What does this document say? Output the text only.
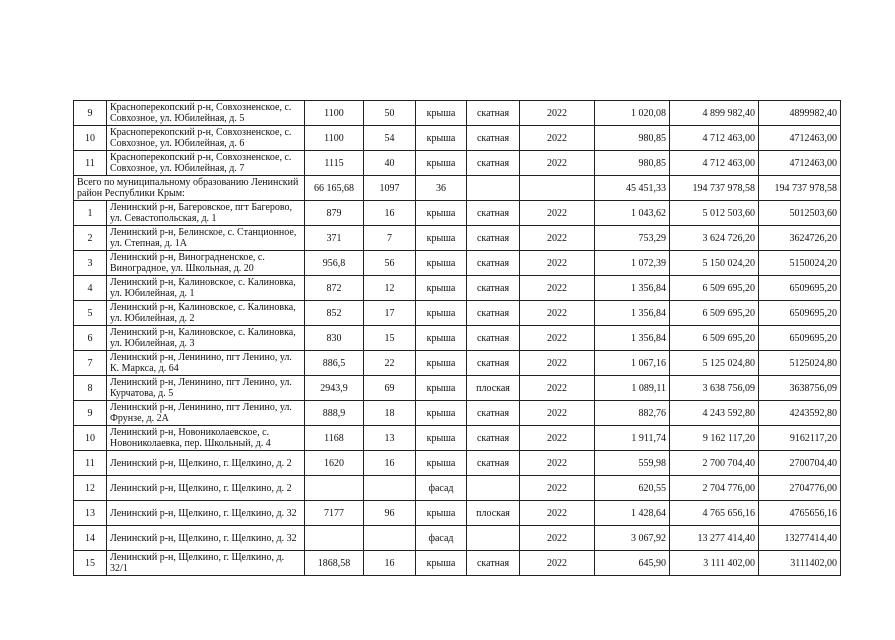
9	Красноперекопский р-н, Совхозненское, с. Совхозное, ул. Юбилейная, д. 5	1100	50	крыша	скатная	2022	1 020,08	4 899 982,40	4899982,40
10	Красноперекопский р-н, Совхозненское, с. Совхозное, ул. Юбилейная, д. 6	1100	54	крыша	скатная	2022	980,85	4 712 463,00	4712463,00
11	Красноперекопский р-н, Совхозненское, с. Совхозное, ул. Юбилейная, д. 7	1115	40	крыша	скатная	2022	980,85	4 712 463,00	4712463,00
Всего по муниципальному образованию Ленинский район Республики Крым:		66 165,68	1097	36			45 451,33	194 737 978,58	194 737 978,58
1	Ленинский р-н, Багеровское, пгт Багерово, ул. Севастопольская, д. 1	879	16	крыша	скатная	2022	1 043,62	5 012 503,60	5012503,60
2	Ленинский р-н, Белинское, с. Станционное, ул. Степная, д. 1А	371	7	крыша	скатная	2022	753,29	3 624 726,20	3624726,20
3	Ленинский р-н, Виноградненское, с. Виноградное, ул. Школьная, д. 20	956,8	56	крыша	скатная	2022	1 072,39	5 150 024,20	5150024,20
4	Ленинский р-н, Калиновское, с. Калиновка, ул. Юбилейная, д. 1	872	12	крыша	скатная	2022	1 356,84	6 509 695,20	6509695,20
5	Ленинский р-н, Калиновское, с. Калиновка, ул. Юбилейная, д. 2	852	17	крыша	скатная	2022	1 356,84	6 509 695,20	6509695,20
6	Ленинский р-н, Калиновское, с. Калиновка, ул. Юбилейная, д. 3	830	15	крыша	скатная	2022	1 356,84	6 509 695,20	6509695,20
7	Ленинский р-н, Ленинино, пгт Ленино, ул. К. Маркса, д. 64	886,5	22	крыша	скатная	2022	1 067,16	5 125 024,80	5125024,80
8	Ленинский р-н, Ленинино, пгт Ленино, ул. Курчатова, д. 5	2943,9	69	крыша	плоская	2022	1 089,11	3 638 756,09	3638756,09
9	Ленинский р-н, Ленинино, пгт Ленино, ул. Фрунзе, д. 2А	888,9	18	крыша	скатная	2022	882,76	4 243 592,80	4243592,80
10	Ленинский р-н, Новониколаевское, с. Новониколаевка, пер. Школьный, д. 4	1168	13	крыша	скатная	2022	1 911,74	9 162 117,20	9162117,20
11	Ленинский р-н, Щелкино, г. Щелкино, д. 2	1620	16	крыша	скатная	2022	559,98	2 700 704,40	2700704,40
12	Ленинский р-н, Щелкино, г. Щелкино, д. 2			фасад		2022	620,55	2 704 776,00	2704776,00
13	Ленинский р-н, Щелкино, г. Щелкино, д. 32	7177	96	крыша	плоская	2022	1 428,64	4 765 656,16	4765656,16
14	Ленинский р-н, Щелкино, г. Щелкино, д. 32			фасад		2022	3 067,92	13 277 414,40	13277414,40
15	Ленинский р-н, Щелкино, г. Щелкино, д. 32/1	1868,58	16	крыша	скатная	2022	645,90	3 111 402,00	3111402,00
